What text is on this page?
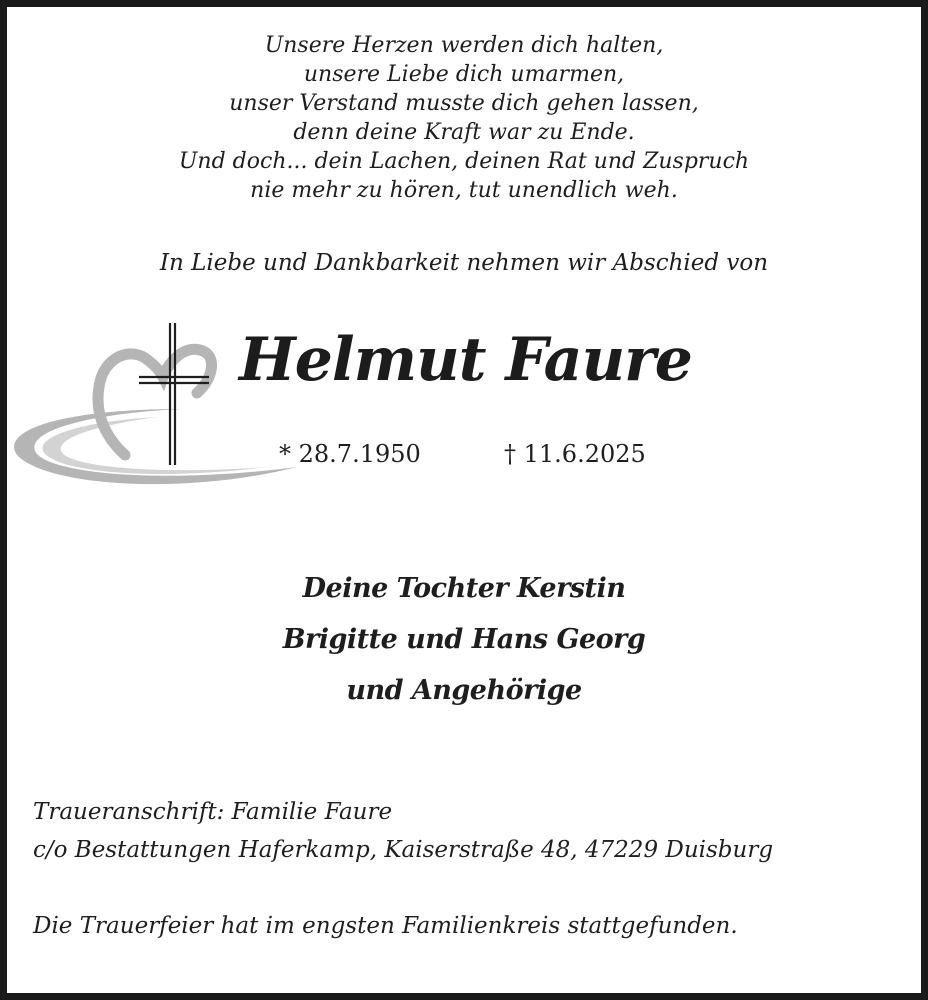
Unsere Herzen werden dich halten,
unsere Liebe dich umarmen,
unser Verstand musste dich gehen lassen,
denn deine Kraft war zu Ende.
Und doch... dein Lachen, deinen Rat und Zuspruch
nie mehr zu hören, tut unendlich weh.
In Liebe und Dankbarkeit nehmen wir Abschied von
Helmut Faure
* 28.7.1950	† 11.6.2025
Deine Tochter Kerstin
Brigitte und Hans Georg
und Angehörige
Traueranschrift: Familie Faure
c/o Bestattungen Haferkamp, Kaiserstraße 48, 47229 Duisburg
Die Trauerfeier hat im engsten Familienkreis stattgefunden.
